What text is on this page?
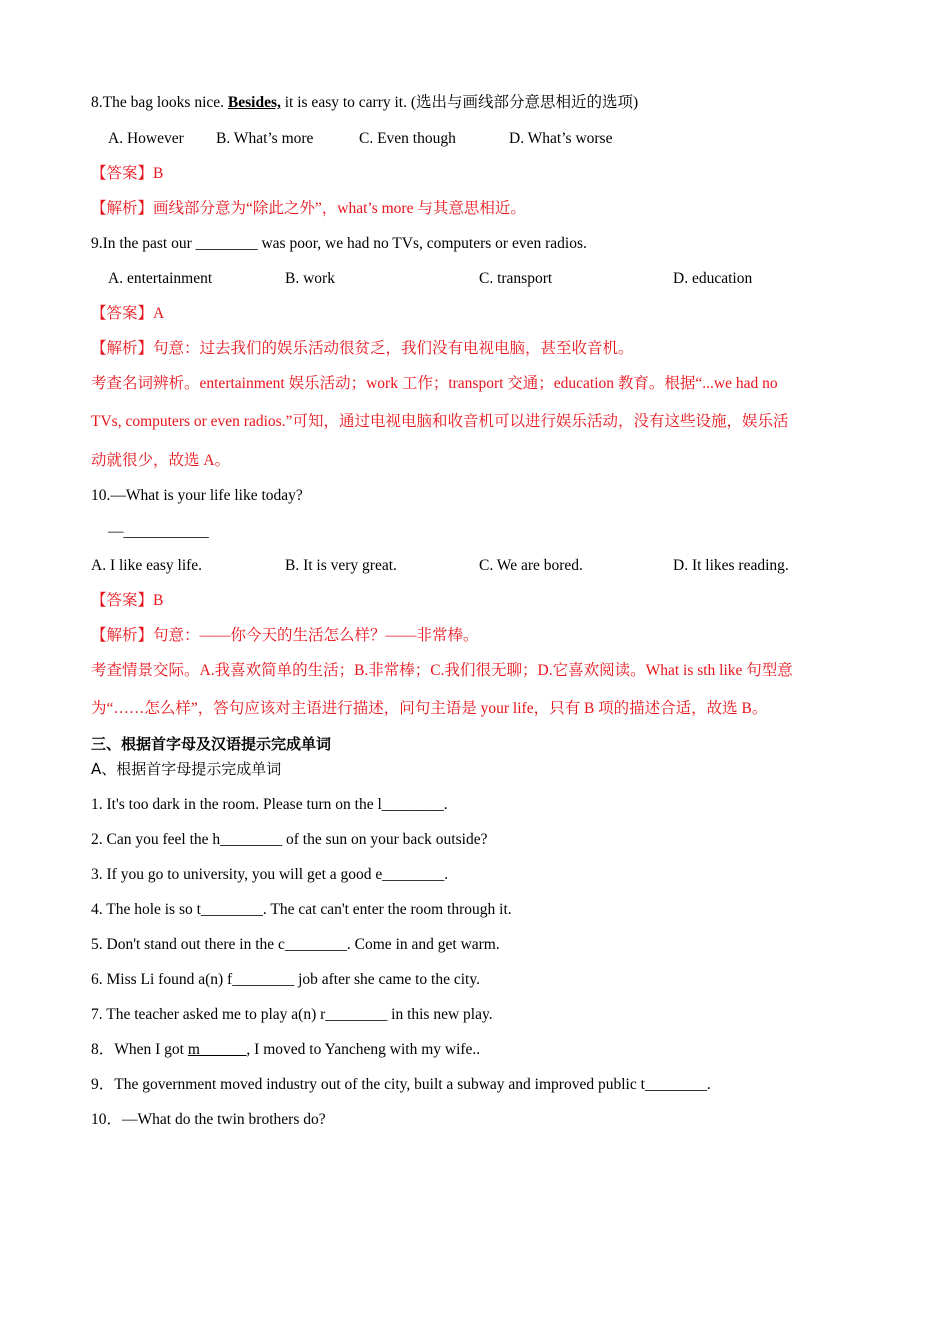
8.The bag looks nice. Besides, it is easy to carry it. (选出与画线部分意思相近的选项)
A. However B. What’s more	C. Even though	D. What’s worse
【答案】B
【解析】画线部分意为“除此之外”，what’s more 与其意思相近。
9.In the past our ________ was poor, we had no TVs, computers or even radios.
A. entertainment	B. work	C. transport	D. education
【答案】A
【解析】句意：过去我们的娱乐活动很贫乏，我们没有电视电脑，甚至收音机。
考查名词辨析。entertainment 娱乐活动；work 工作；transport 交通；education 教育。根据“...we had no
TVs, computers or even radios.”可知，通过电视电脑和收音机可以进行娱乐活动，没有这些设施，娱乐活
动就很少，故选 A。
10.—What is your life like today?
—___________
A. I like easy life.	B. It is very great.	C. We are bored.	D. It likes reading.
【答案】B
【解析】句意：——你今天的生活怎么样？——非常棒。
考查情景交际。A.我喜欢简单的生活；B.非常棒；C.我们很无聊；D.它喜欢阅读。What is sth like 句型意
为“……怎么样”，答句应该对主语进行描述，问句主语是 your life，只有 B 项的描述合适，故选 B。
三、根据首字母及汉语提示完成单词
A、根据首字母提示完成单词
1. It's too dark in the room. Please turn on the l________.
2. Can you feel the h________ of the sun on your back outside?
3. If you go to university, you will get a good e________.
4. The hole is so t________. The cat can't enter the room through it.
5. Don't stand out there in the c________. Come in and get warm.
6. Miss Li found a(n) f________ job after she came to the city.
7. The teacher asked me to play a(n) r________ in this new play.
8．When I got m______, I moved to Yancheng with my wife..
9．The government moved industry out of the city, built a subway and improved public t________.
10．—What do the twin brothers do?
